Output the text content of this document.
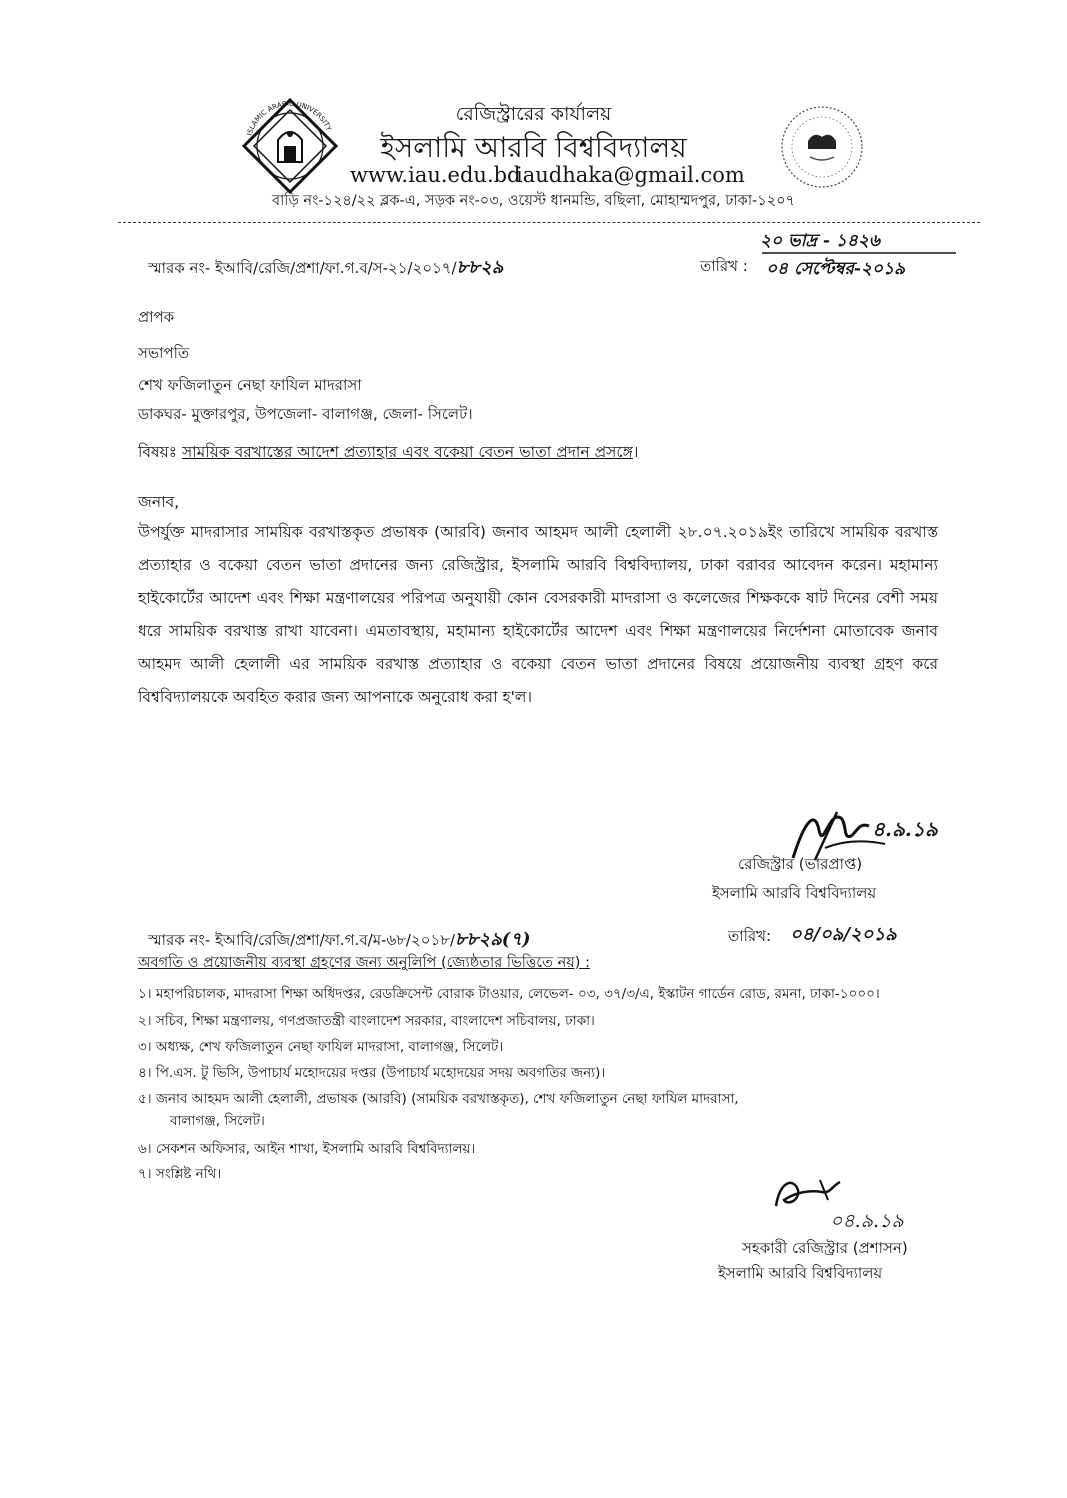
ISLAMIC ARABIC UNIVERSITY
রেজিস্ট্রারের কার্যালয়
ইসলামি আরবি বিশ্ববিদ্যালয়
www.iau.edu.bd
iaudhaka@gmail.com
বাড়ি নং-১২৪/২২ ব্লক-এ, সড়ক নং-০৩, ওয়েস্ট ধানমন্ডি, বছিলা, মোহাম্মদপুর, ঢাকা-১২০৭
স্মারক নং- ইআবি/রেজি/প্রশা/ফা.গ.ব/স-২১/২০১৭/৮৮২৯	তারিখ :
২০ ভাদ্র - ১৪২৬
০৪ সেপ্টেম্বর-২০১৯
প্রাপক
সভাপতি
শেখ ফজিলাতুন নেছা ফাযিল মাদরাসা
ডাকঘর- মুক্তারপুর, উপজেলা- বালাগঞ্জ, জেলা- সিলেট।
বিষয়ঃ সাময়িক বরখাস্তের আদেশ প্রত্যাহার এবং বকেয়া বেতন ভাতা প্রদান প্রসঙ্গে।
জনাব,
উপর্যুক্ত মাদরাসার সাময়িক বরখাস্তকৃত প্রভাষক (আরবি) জনাব আহমদ আলী হেলালী ২৮.০৭.২০১৯ইং তারিখে সাময়িক বরখাস্ত প্রত্যাহার ও বকেয়া বেতন ভাতা প্রদানের জন্য রেজিস্ট্রার, ইসলামি আরবি বিশ্ববিদ্যালয়, ঢাকা বরাবর আবেদন করেন। মহামান্য হাইকোর্টের আদেশ এবং শিক্ষা মন্ত্রণালয়ের পরিপত্র অনুযায়ী কোন বেসরকারী মাদরাসা ও কলেজের শিক্ষককে ষাট দিনের বেশী সময় ধরে সাময়িক বরখাস্ত রাখা যাবেনা। এমতাবস্থায়, মহামান্য হাইকোর্টের আদেশ এবং শিক্ষা মন্ত্রণালয়ের নির্দেশনা মোতাবেক জনাব আহমদ আলী হেলালী এর সাময়িক বরখাস্ত প্রত্যাহার ও বকেয়া বেতন ভাতা প্রদানের বিষয়ে প্রয়োজনীয় ব্যবস্থা গ্রহণ করে বিশ্ববিদ্যালয়কে অবহিত করার জন্য আপনাকে অনুরোধ করা হ'ল।
৪.৯.১৯
রেজিস্ট্রার (ভারপ্রাপ্ত)
ইসলামি আরবি বিশ্ববিদ্যালয়
স্মারক নং- ইআবি/রেজি/প্রশা/ফা.গ.ব/ম-৬৮/২০১৮/৮৮২৯(৭)	তারিখ: ০৪/০৯/২০১৯
অবগতি ও প্রয়োজনীয় ব্যবস্থা গ্রহণের জন্য অনুলিপি (জ্যেষ্ঠতার ভিত্তিতে নয়) :
১। মহাপরিচালক, মাদরাসা শিক্ষা অধিদপ্তর, রেডক্রিসেন্ট বোরাক টাওয়ার, লেভেল- ০৩, ৩৭/৩/এ, ইস্কাটন গার্ডেন রোড, রমনা, ঢাকা-১০০০।
২। সচিব, শিক্ষা মন্ত্রণালয়, গণপ্রজাতন্ত্রী বাংলাদেশ সরকার, বাংলাদেশ সচিবালয়, ঢাকা।
৩। অধ্যক্ষ, শেখ ফজিলাতুন নেছা ফাযিল মাদরাসা, বালাগঞ্জ, সিলেট।
৪। পি.এস. টু ভিসি, উপাচার্য মহোদয়ের দপ্তর (উপাচার্য মহোদয়ের সদয় অবগতির জন্য)।
৫। জনাব আহমদ আলী হেলালী, প্রভাষক (আরবি) (সাময়িক বরখাস্তকৃত), শেখ ফজিলাতুন নেছা ফাযিল মাদরাসা,
বালাগঞ্জ, সিলেট।
৬। সেকশন অফিসার, আইন শাখা, ইসলামি আরবি বিশ্ববিদ্যালয়।
৭। সংশ্লিষ্ট নথি।
০৪.৯.১৯
সহকারী রেজিস্ট্রার (প্রশাসন)
ইসলামি আরবি বিশ্ববিদ্যালয়
